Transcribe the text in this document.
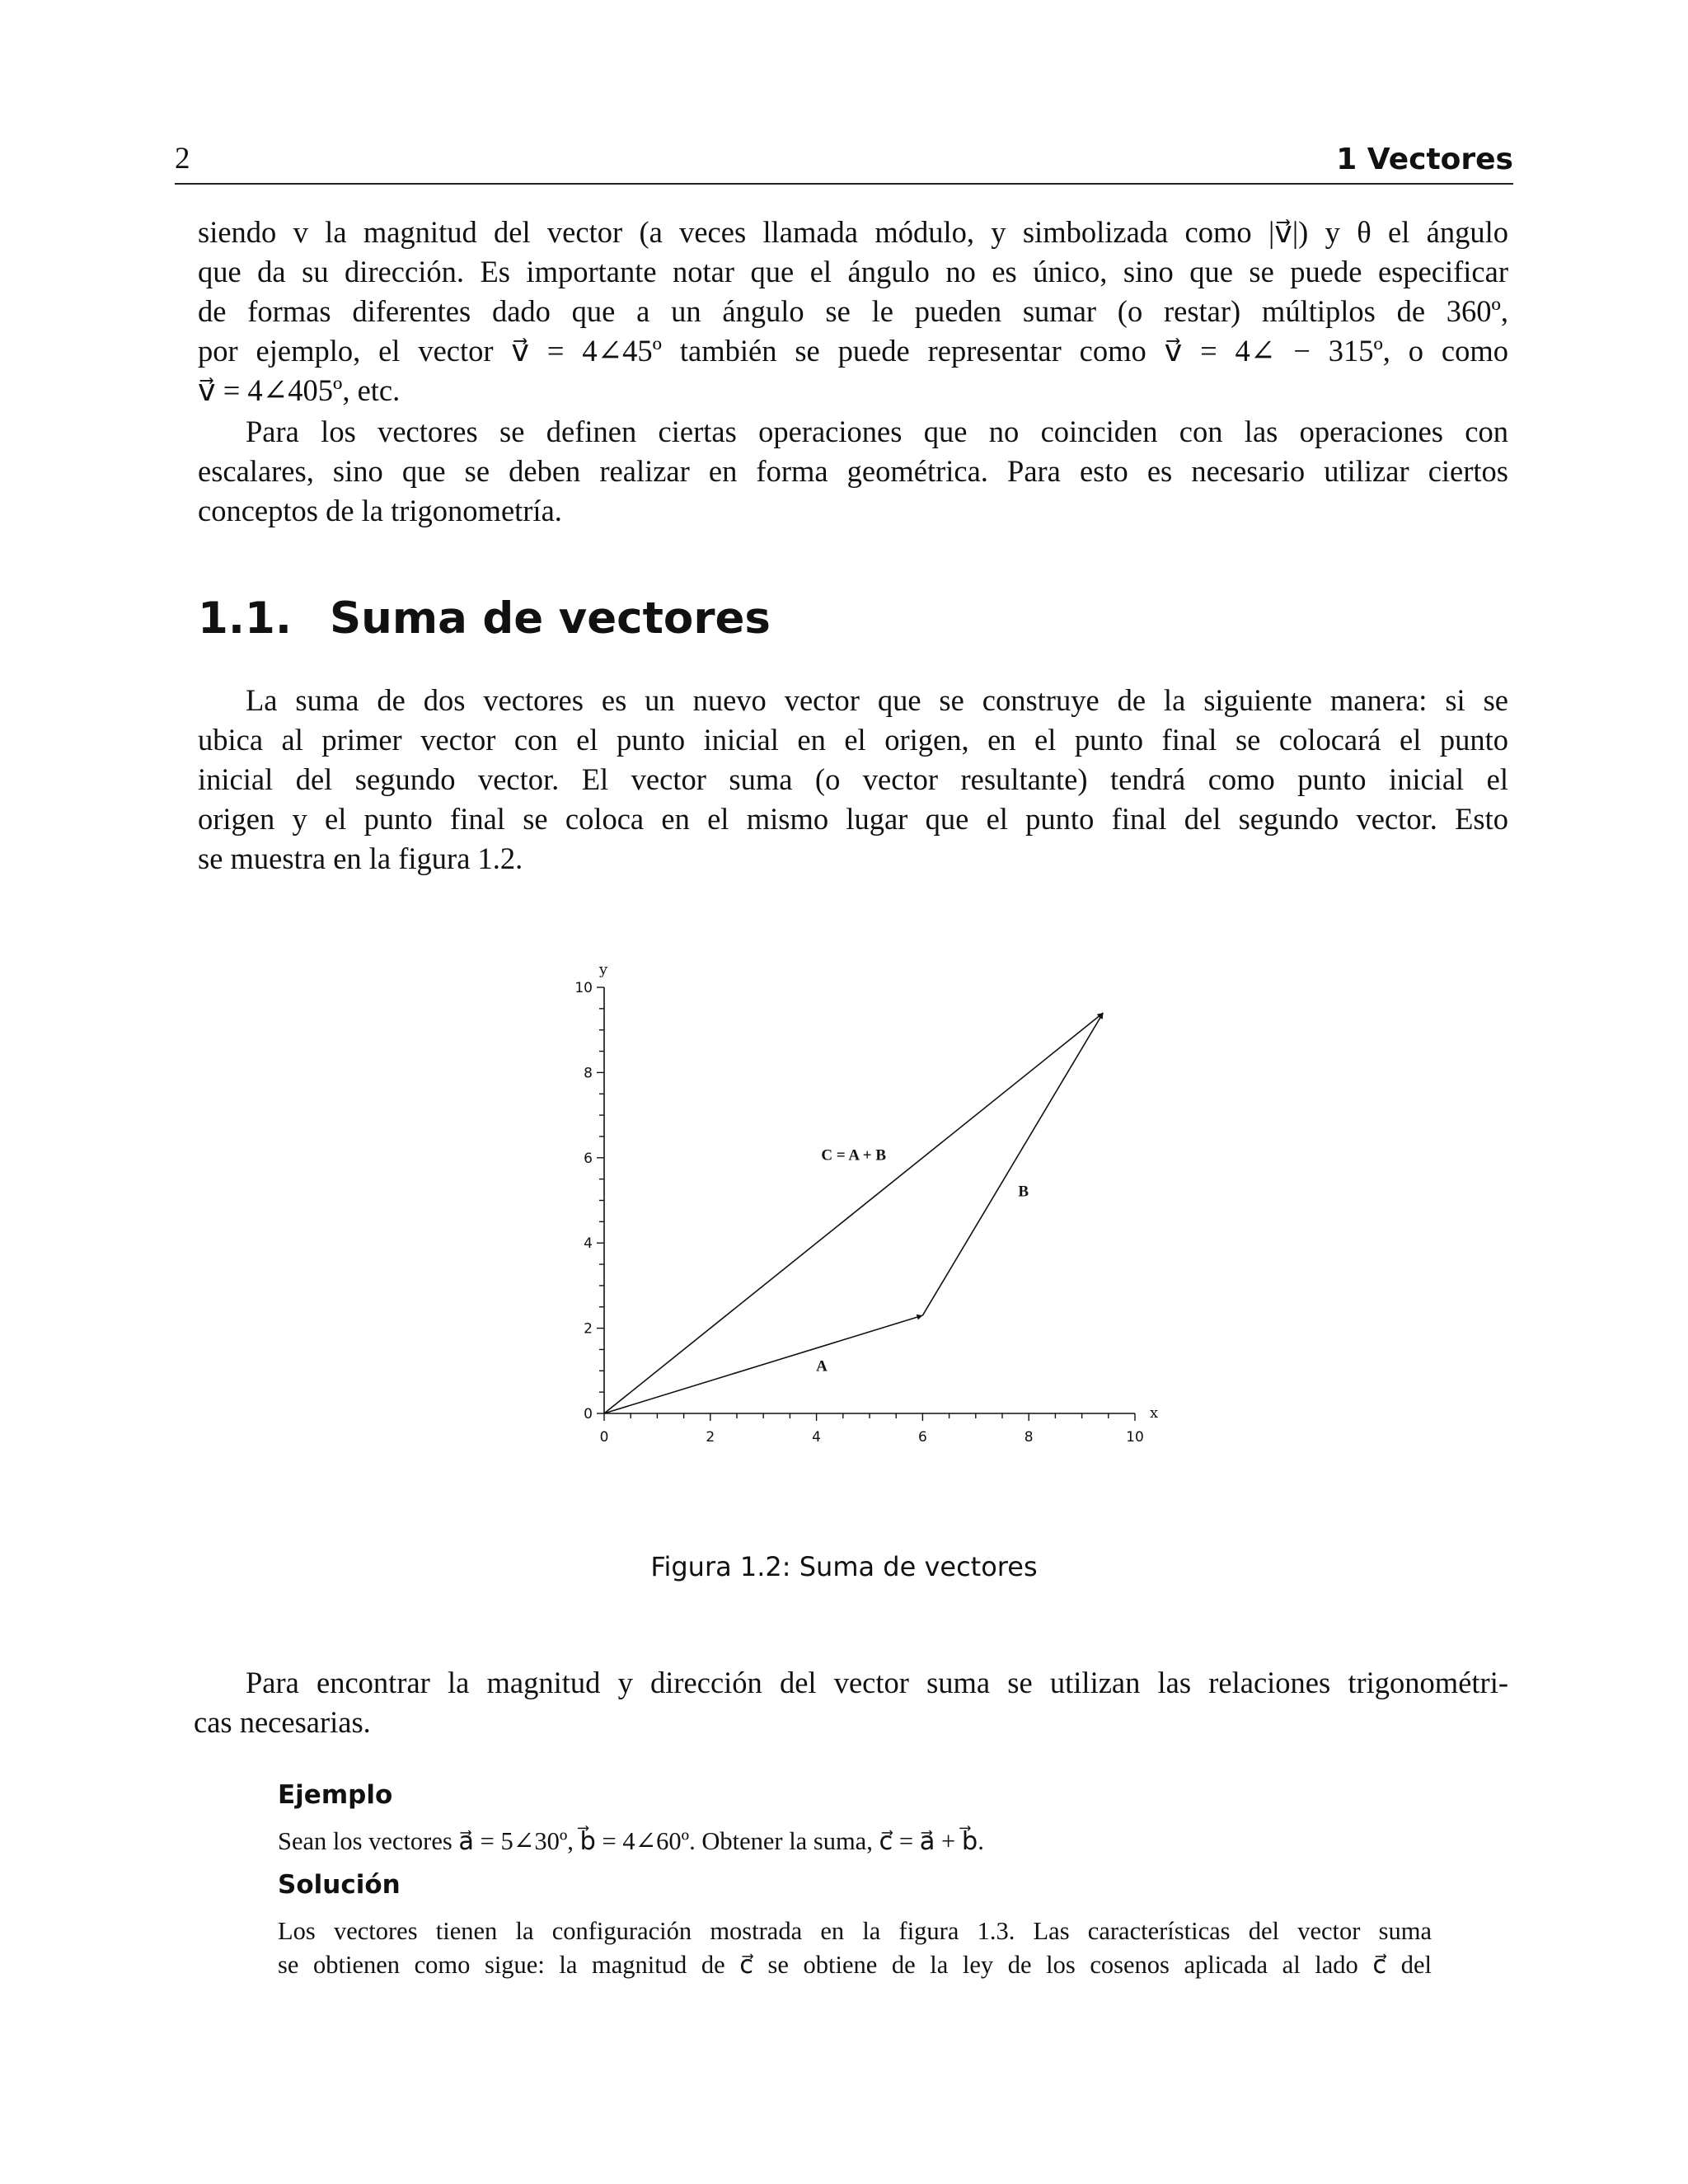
2	1 Vectores

siendo v la magnitud del vector (a veces llamada módulo, y simbolizada como |v⃗|) y θ el ángulo
que da su dirección. Es importante notar que el ángulo no es único, sino que se puede especificar
de formas diferentes dado que a un ángulo se le pueden sumar (o restar) múltiplos de 360º,
por ejemplo, el vector v⃗ = 4∠45º también se puede representar como v⃗ = 4∠ − 315º, o como
v⃗ = 4∠405º, etc.

Para los vectores se definen ciertas operaciones que no coinciden con las operaciones con
escalares, sino que se deben realizar en forma geométrica. Para esto es necesario utilizar ciertos
conceptos de la trigonometría.

1.1. Suma de vectores

La suma de dos vectores es un nuevo vector que se construye de la siguiente manera: si se
ubica al primer vector con el punto inicial en el origen, en el punto final se colocará el punto
inicial del segundo vector. El vector suma (o vector resultante) tendrá como punto inicial el
origen y el punto final se coloca en el mismo lugar que el punto final del segundo vector. Esto
se muestra en la figura 1.2.

0	2	4	6	8	10
0
2
4
6
8
10
x
y
A
B
C = A + B
Figura 1.2: Suma de vectores

Para encontrar la magnitud y dirección del vector suma se utilizan las relaciones trigonométri-
cas necesarias.

Ejemplo

Sean los vectores a⃗ = 5∠30º, b⃗ = 4∠60º. Obtener la suma, c⃗ = a⃗ + b⃗.

Solución

Los vectores tienen la configuración mostrada en la figura 1.3. Las características del vector suma
se obtienen como sigue: la magnitud de c⃗ se obtiene de la ley de los cosenos aplicada al lado c⃗ del
